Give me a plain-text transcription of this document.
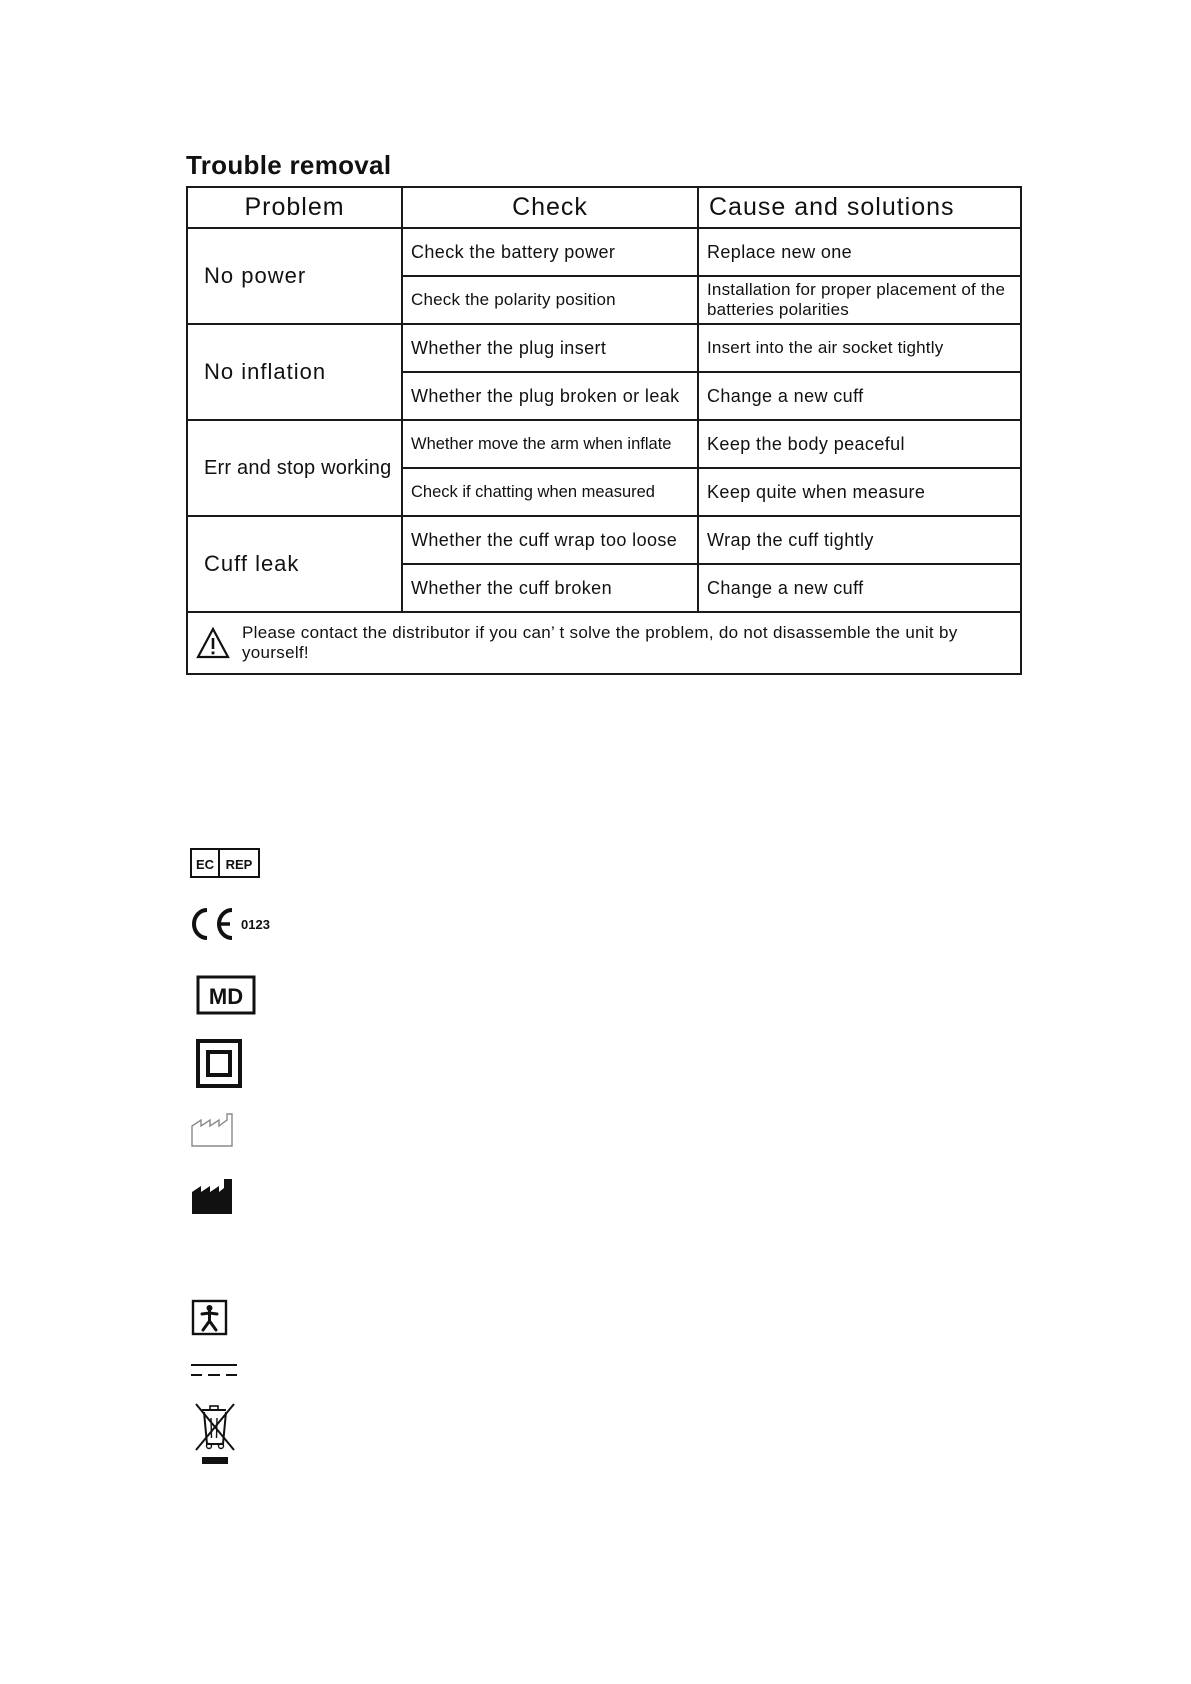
Trouble removal
Problem	Check	Cause and solutions
No power	Check the battery power	Replace new one
	Check the polarity position	Installation for proper placement of the batteries polarities
No inflation	Whether the plug insert	Insert into the air socket tightly
	Whether the plug broken or leak	Change a new cuff
Err and stop working	Whether move the arm when inflate	Keep the body peaceful
	Check if chatting when measured	Keep quite when measure
Cuff leak	Whether the cuff wrap too loose	Wrap the cuff tightly
	Whether the cuff broken	Change a new cuff

Please contact the distributor if you can’ t solve the problem, do not disassemble the unit by yourself!		
EC REP
0123
MD
